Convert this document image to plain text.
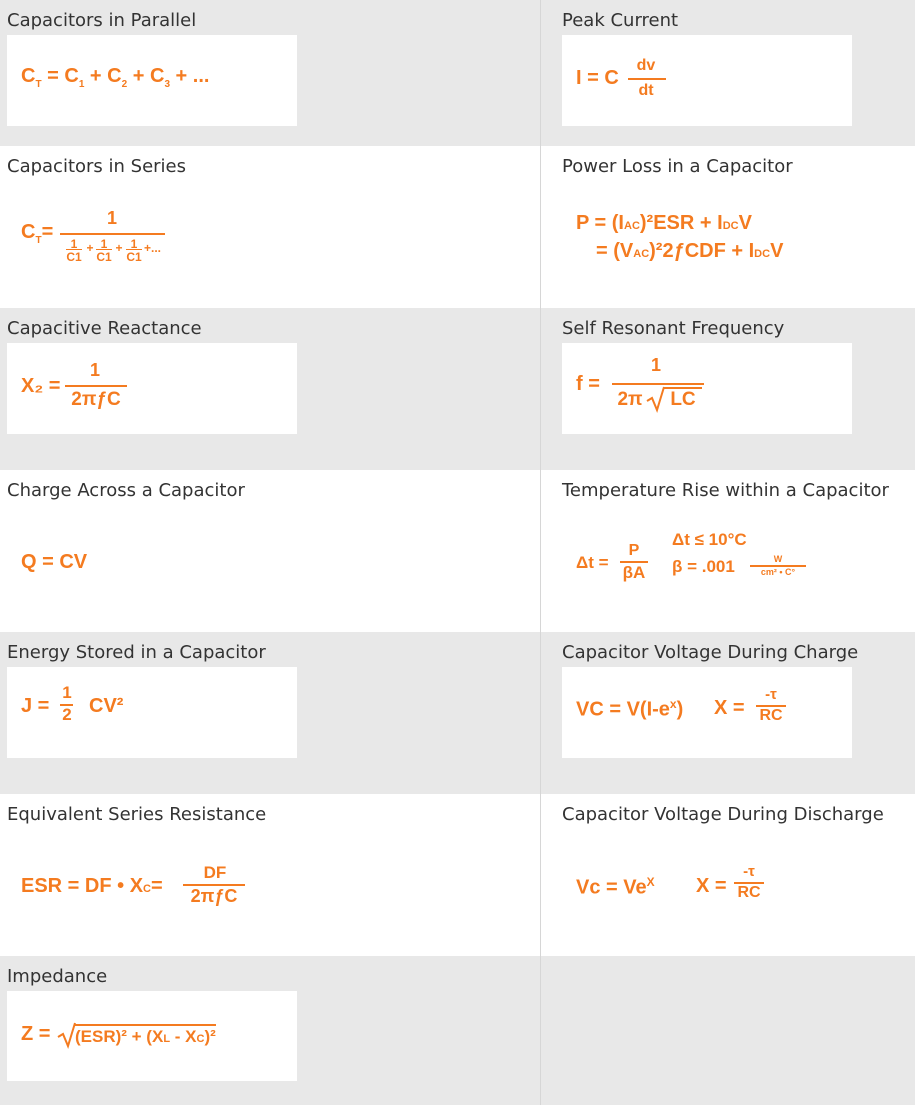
Capacitors in Parallel
$C_T = C_1 + C_2 + C_3$ + ...
Peak Current
I = C
dv
dt
Capacitors in Series
$C_T=$
1
$\frac{1}{C1} + \frac{1}{C1} + \frac{1}{C1}$ +...
Power Loss in a Capacitor
P = (IAC)²ESR + IDCV
= (VAC)²2ƒCDF + IDCV
Capacitive Reactance
X₂ =
1
2πƒC
Self Resonant Frequency
f =
1
2π	LC
Charge Across a Capacitor
Q = CV
Temperature Rise within a Capacitor
Δt =
P
βA
Δt ≤ 10°C
β = .001	W
cm² • C°
Energy Stored in a Capacitor
J =
1
2 CV²
Capacitor Voltage During Charge
VC = $V(I-e^x) X$ =
-τ
RC
Equivalent Series Resistance
ESR = DF • XC=
DF
2πƒC
Capacitor Voltage During Discharge
$Vc = Ve^X$ X =
-τ
RC
Impedance
Z = (ESR)² + (XL - XC)²
